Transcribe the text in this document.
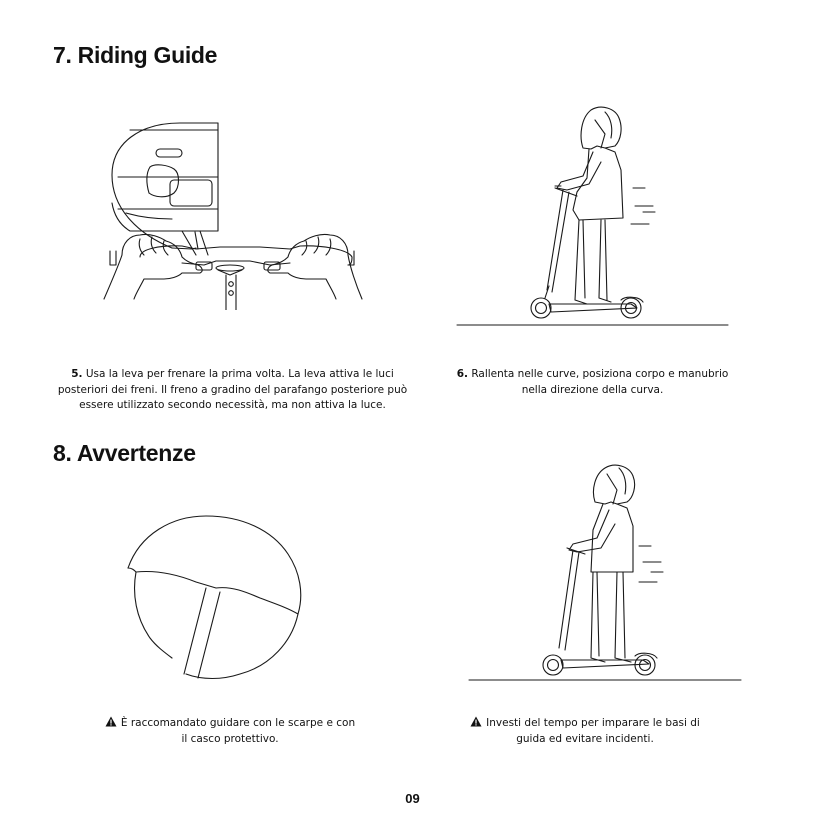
7. Riding Guide
5. Usa la leva per frenare la prima volta. La leva attiva le luci
posteriori dei freni. Il freno a gradino del parafango posteriore può
essere utilizzato secondo necessità, ma non attiva la luce.
6. Rallenta nelle curve, posiziona corpo e manubrio
nella direzione della curva.
8. Avvertenze
È raccomandato guidare con le scarpe e con
il casco protettivo.
Investi del tempo per imparare le basi di
guida ed evitare incidenti.
09
